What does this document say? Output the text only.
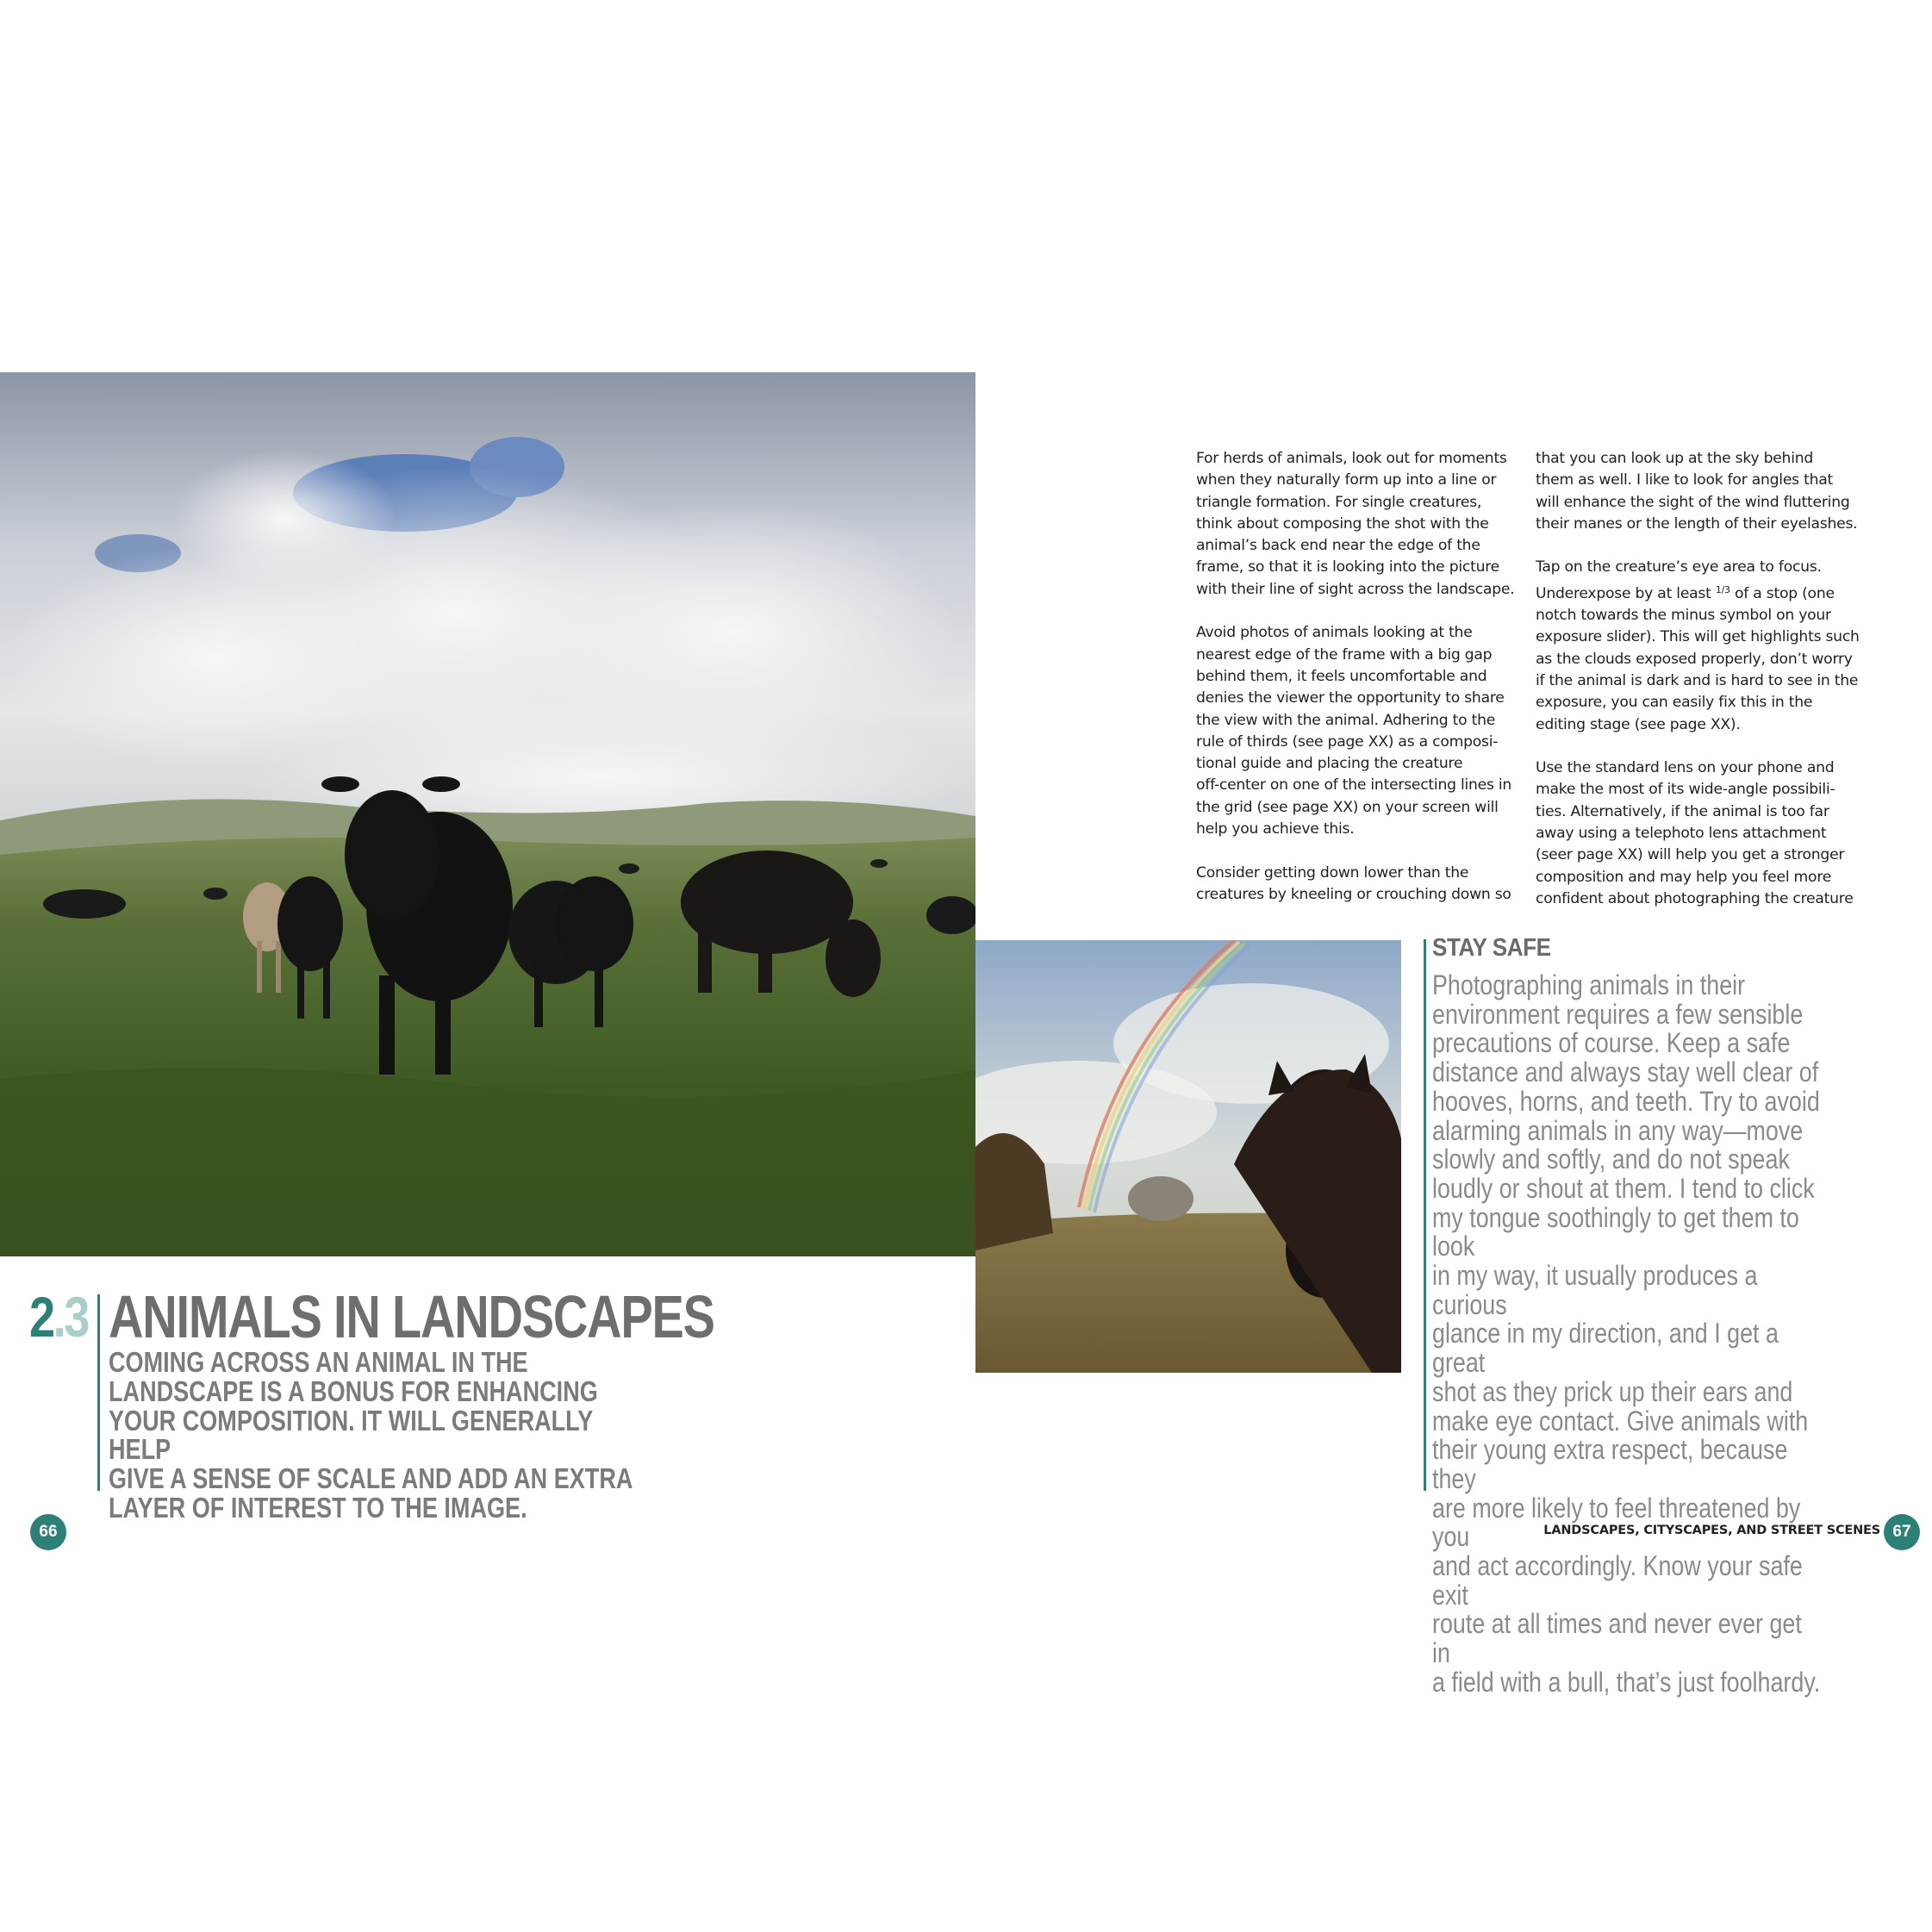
For herds of animals, look out for moments
when they naturally form up into a line or
triangle formation. For single creatures,
think about composing the shot with the
animal’s back end near the edge of the
frame, so that it is looking into the picture
with their line of sight across the landscape.

Avoid photos of animals looking at the
nearest edge of the frame with a big gap
behind them, it feels uncomfortable and
denies the viewer the opportunity to share
the view with the animal. Adhering to the
rule of thirds (see page XX) as a composi-
tional guide and placing the creature
off-center on one of the intersecting lines in
the grid (see page XX) on your screen will
help you achieve this.

Consider getting down lower than the
creatures by kneeling or crouching down so

that you can look up at the sky behind
them as well. I like to look for angles that
will enhance the sight of the wind fluttering
their manes or the length of their eyelashes.

Tap on the creature’s eye area to focus.
Underexpose by at least $^{1/3}$ of a stop (one
notch towards the minus symbol on your
exposure slider). This will get highlights such
as the clouds exposed properly, don’t worry
if the animal is dark and is hard to see in the
exposure, you can easily fix this in the
editing stage (see page XX).

Use the standard lens on your phone and
make the most of its wide-angle possibili-
ties. Alternatively, if the animal is too far
away using a telephoto lens attachment
(seer page XX) will help you get a stronger
composition and may help you feel more
confident about photographing the creature

STAY SAFE
Photographing animals in their
environment requires a few sensible
precautions of course. Keep a safe
distance and always stay well clear of
hooves, horns, and teeth. Try to avoid
alarming animals in any way—move
slowly and softly, and do not speak
loudly or shout at them. I tend to click
my tongue soothingly to get them to look
in my way, it usually produces a curious
glance in my direction, and I get a great
shot as they prick up their ears and
make eye contact. Give animals with
their young extra respect, because they
are more likely to feel threatened by you
and act accordingly. Know your safe exit
route at all times and never ever get in
a field with a bull, that’s just foolhardy.
2.3 ANIMALS IN LANDSCAPES
COMING ACROSS AN ANIMAL IN THE
LANDSCAPE IS A BONUS FOR ENHANCING
YOUR COMPOSITION. IT WILL GENERALLY HELP
GIVE A SENSE OF SCALE AND ADD AN EXTRA
LAYER OF INTEREST TO THE IMAGE.
66	LANDSCAPES, CITYSCAPES, AND STREET SCENES 67
